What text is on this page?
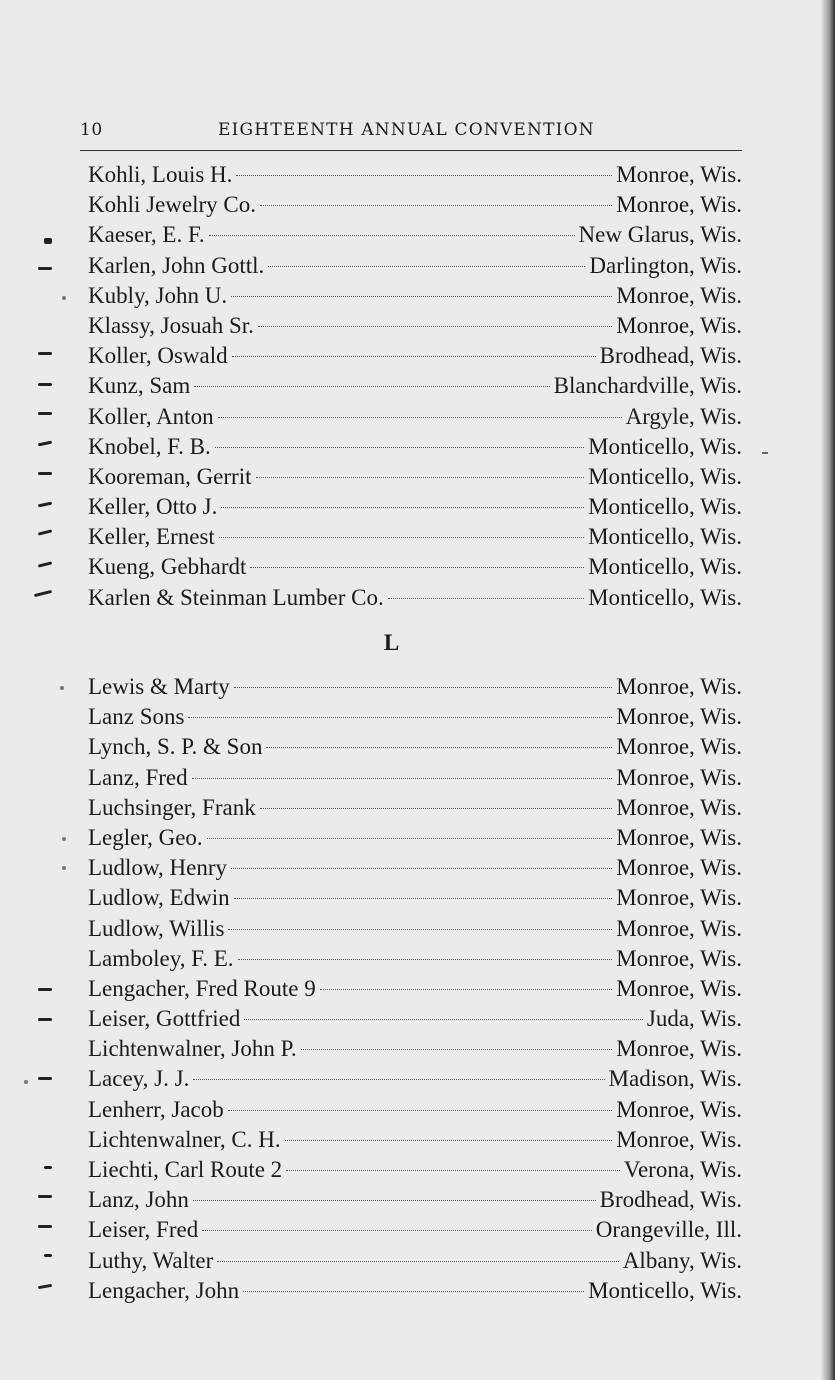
10	EIGHTEENTH ANNUAL CONVENTION
Kohli, Louis H.	Monroe, Wis.
Kohli Jewelry Co.	Monroe, Wis.
Kaeser, E. F.	New Glarus, Wis.
Karlen, John Gottl.	Darlington, Wis.
Kubly, John U.	Monroe, Wis.
Klassy, Josuah Sr.	Monroe, Wis.
Koller, Oswald	Brodhead, Wis.
Kunz, Sam	Blanchardville, Wis.
Koller, Anton	Argyle, Wis.
Knobel, F. B.	Monticello, Wis.
Kooreman, Gerrit	Monticello, Wis.
Keller, Otto J.	Monticello, Wis.
Keller, Ernest	Monticello, Wis.
Kueng, Gebhardt	Monticello, Wis.
Karlen & Steinman Lumber Co.	Monticello, Wis.
L
Lewis & Marty	Monroe, Wis.
Lanz Sons	Monroe, Wis.
Lynch, S. P. & Son	Monroe, Wis.
Lanz, Fred	Monroe, Wis.
Luchsinger, Frank	Monroe, Wis.
Legler, Geo.	Monroe, Wis.
Ludlow, Henry	Monroe, Wis.
Ludlow, Edwin	Monroe, Wis.
Ludlow, Willis	Monroe, Wis.
Lamboley, F. E.	Monroe, Wis.
Lengacher, Fred Route 9	Monroe, Wis.
Leiser, Gottfried	Juda, Wis.
Lichtenwalner, John P.	Monroe, Wis.
Lacey, J. J.	Madison, Wis.
Lenherr, Jacob	Monroe, Wis.
Lichtenwalner, C. H.	Monroe, Wis.
Liechti, Carl Route 2	Verona, Wis.
Lanz, John	Brodhead, Wis.
Leiser, Fred	Orangeville, Ill.
Luthy, Walter	Albany, Wis.
Lengacher, John	Monticello, Wis.
